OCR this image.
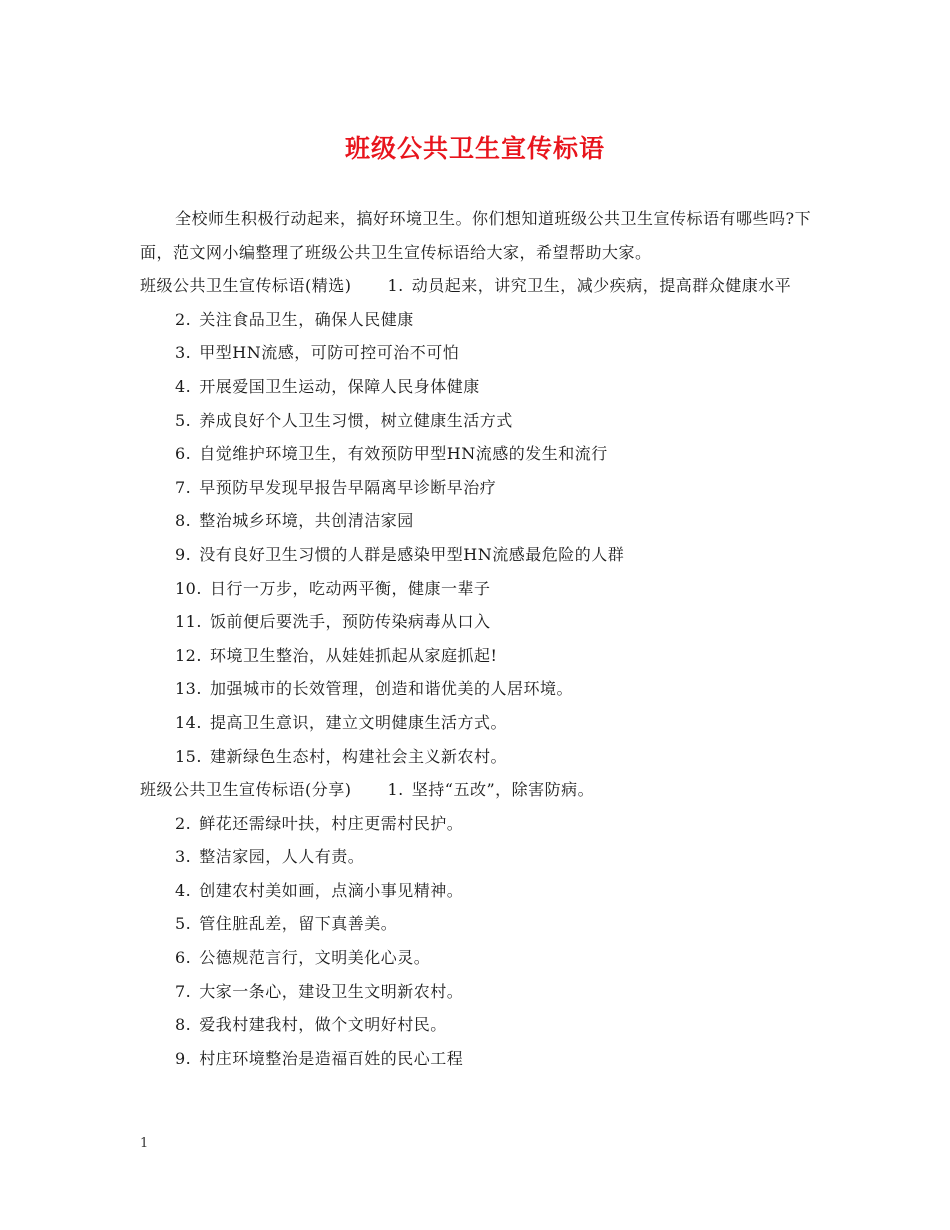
班级公共卫生宣传标语

全校师生积极行动起来，搞好环境卫生。你们想知道班级公共卫生宣传标语有哪些吗?下面，范文网小编整理了班级公共卫生宣传标语给大家，希望帮助大家。

班级公共卫生宣传标语(精选) 1. 动员起来，讲究卫生，减少疾病，提高群众健康水平

2. 关注食品卫生，确保人民健康

3. 甲型HN流感，可防可控可治不可怕

4. 开展爱国卫生运动，保障人民身体健康

5. 养成良好个人卫生习惯，树立健康生活方式

6. 自觉维护环境卫生，有效预防甲型HN流感的发生和流行

7. 早预防早发现早报告早隔离早诊断早治疗

8. 整治城乡环境，共创清洁家园

9. 没有良好卫生习惯的人群是感染甲型HN流感最危险的人群

10. 日行一万步，吃动两平衡，健康一辈子

11. 饭前便后要洗手，预防传染病毒从口入

12. 环境卫生整治，从娃娃抓起从家庭抓起!

13. 加强城市的长效管理，创造和谐优美的人居环境。

14. 提高卫生意识，建立文明健康生活方式。

15. 建新绿色生态村，构建社会主义新农村。

班级公共卫生宣传标语(分享) 1. 坚持“五改”，除害防病。

2. 鲜花还需绿叶扶，村庄更需村民护。

3. 整洁家园，人人有责。

4. 创建农村美如画，点滴小事见精神。

5. 管住脏乱差，留下真善美。

6. 公德规范言行，文明美化心灵。

7. 大家一条心，建设卫生文明新农村。

8. 爱我村建我村，做个文明好村民。

9. 村庄环境整治是造福百姓的民心工程

1
